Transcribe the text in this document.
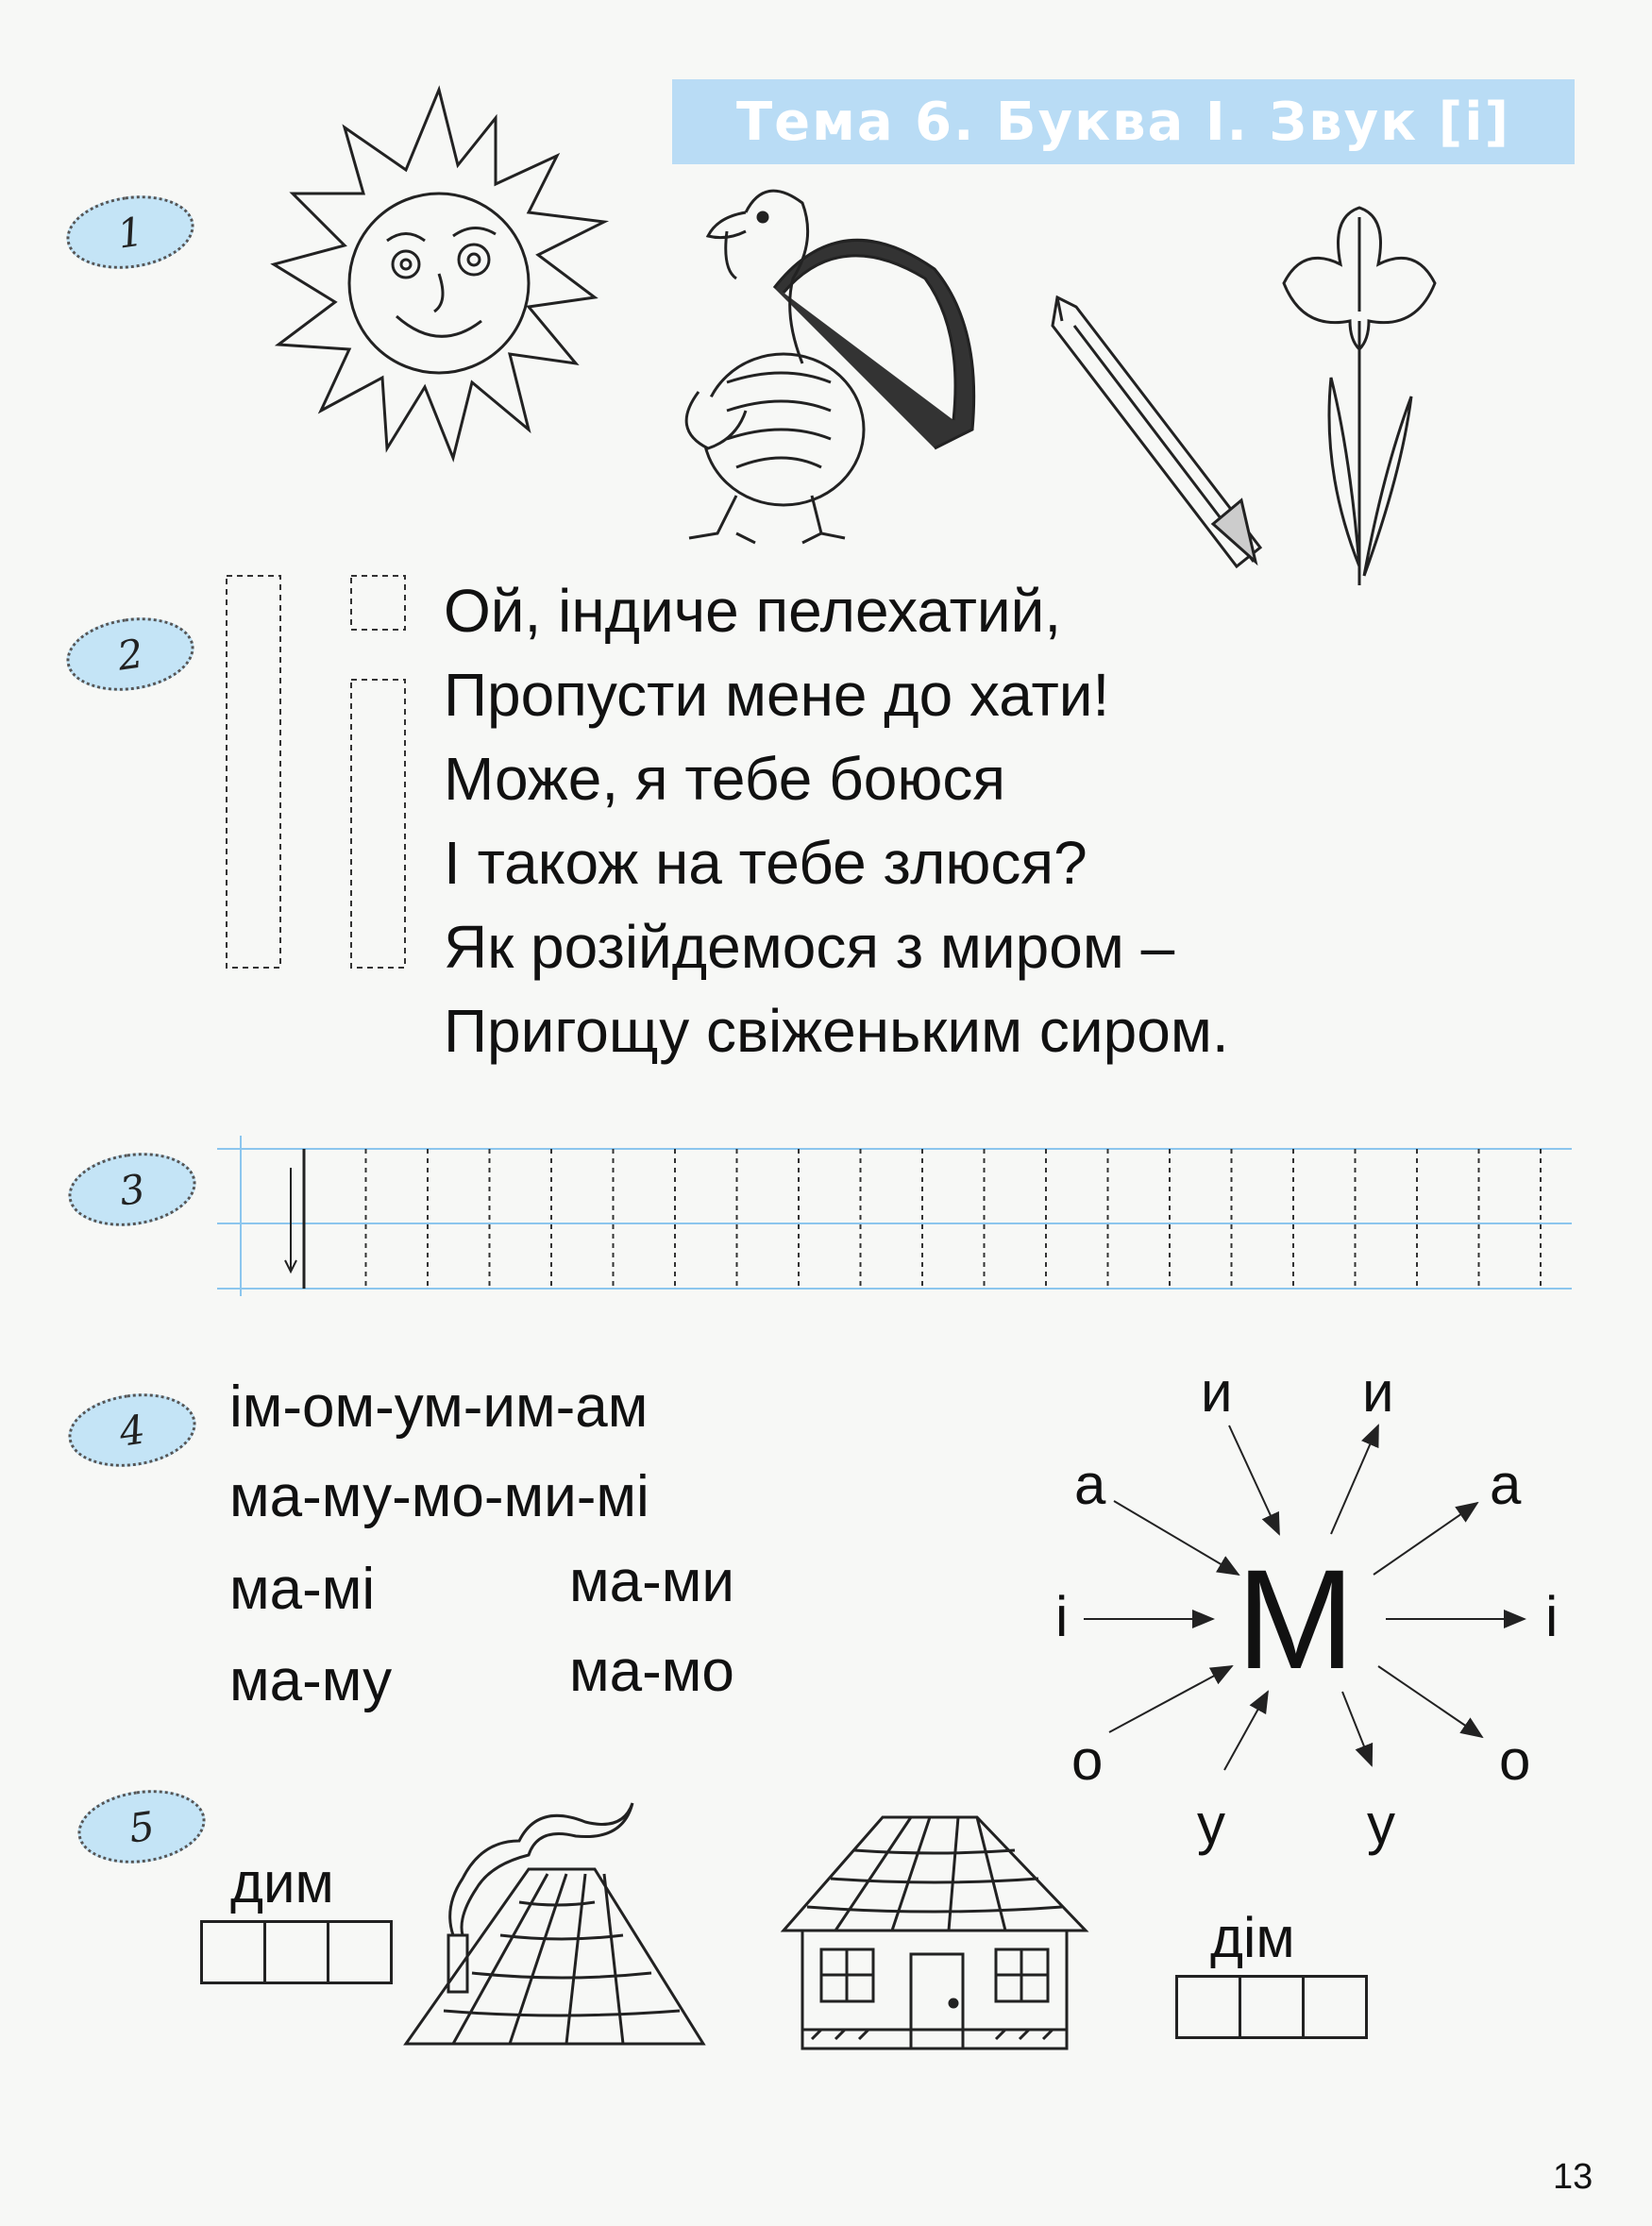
Тема 6. Буква І. Звук [і]
1
2
3
4
5
Ой, індиче пелехатий,
Пропусти мене до хати!
Може, я тебе боюся
І також на тебе злюся?
Як розійдемося з миром –
Пригощу свіженьким сиром.
ім-ом-ум-им-ам
ма-му-мо-ми-мі
ма-мі	ма-ми
ма-му	ма-мо
и и
а	а
і	і
о	о
у	у
М
дим
дім
13
